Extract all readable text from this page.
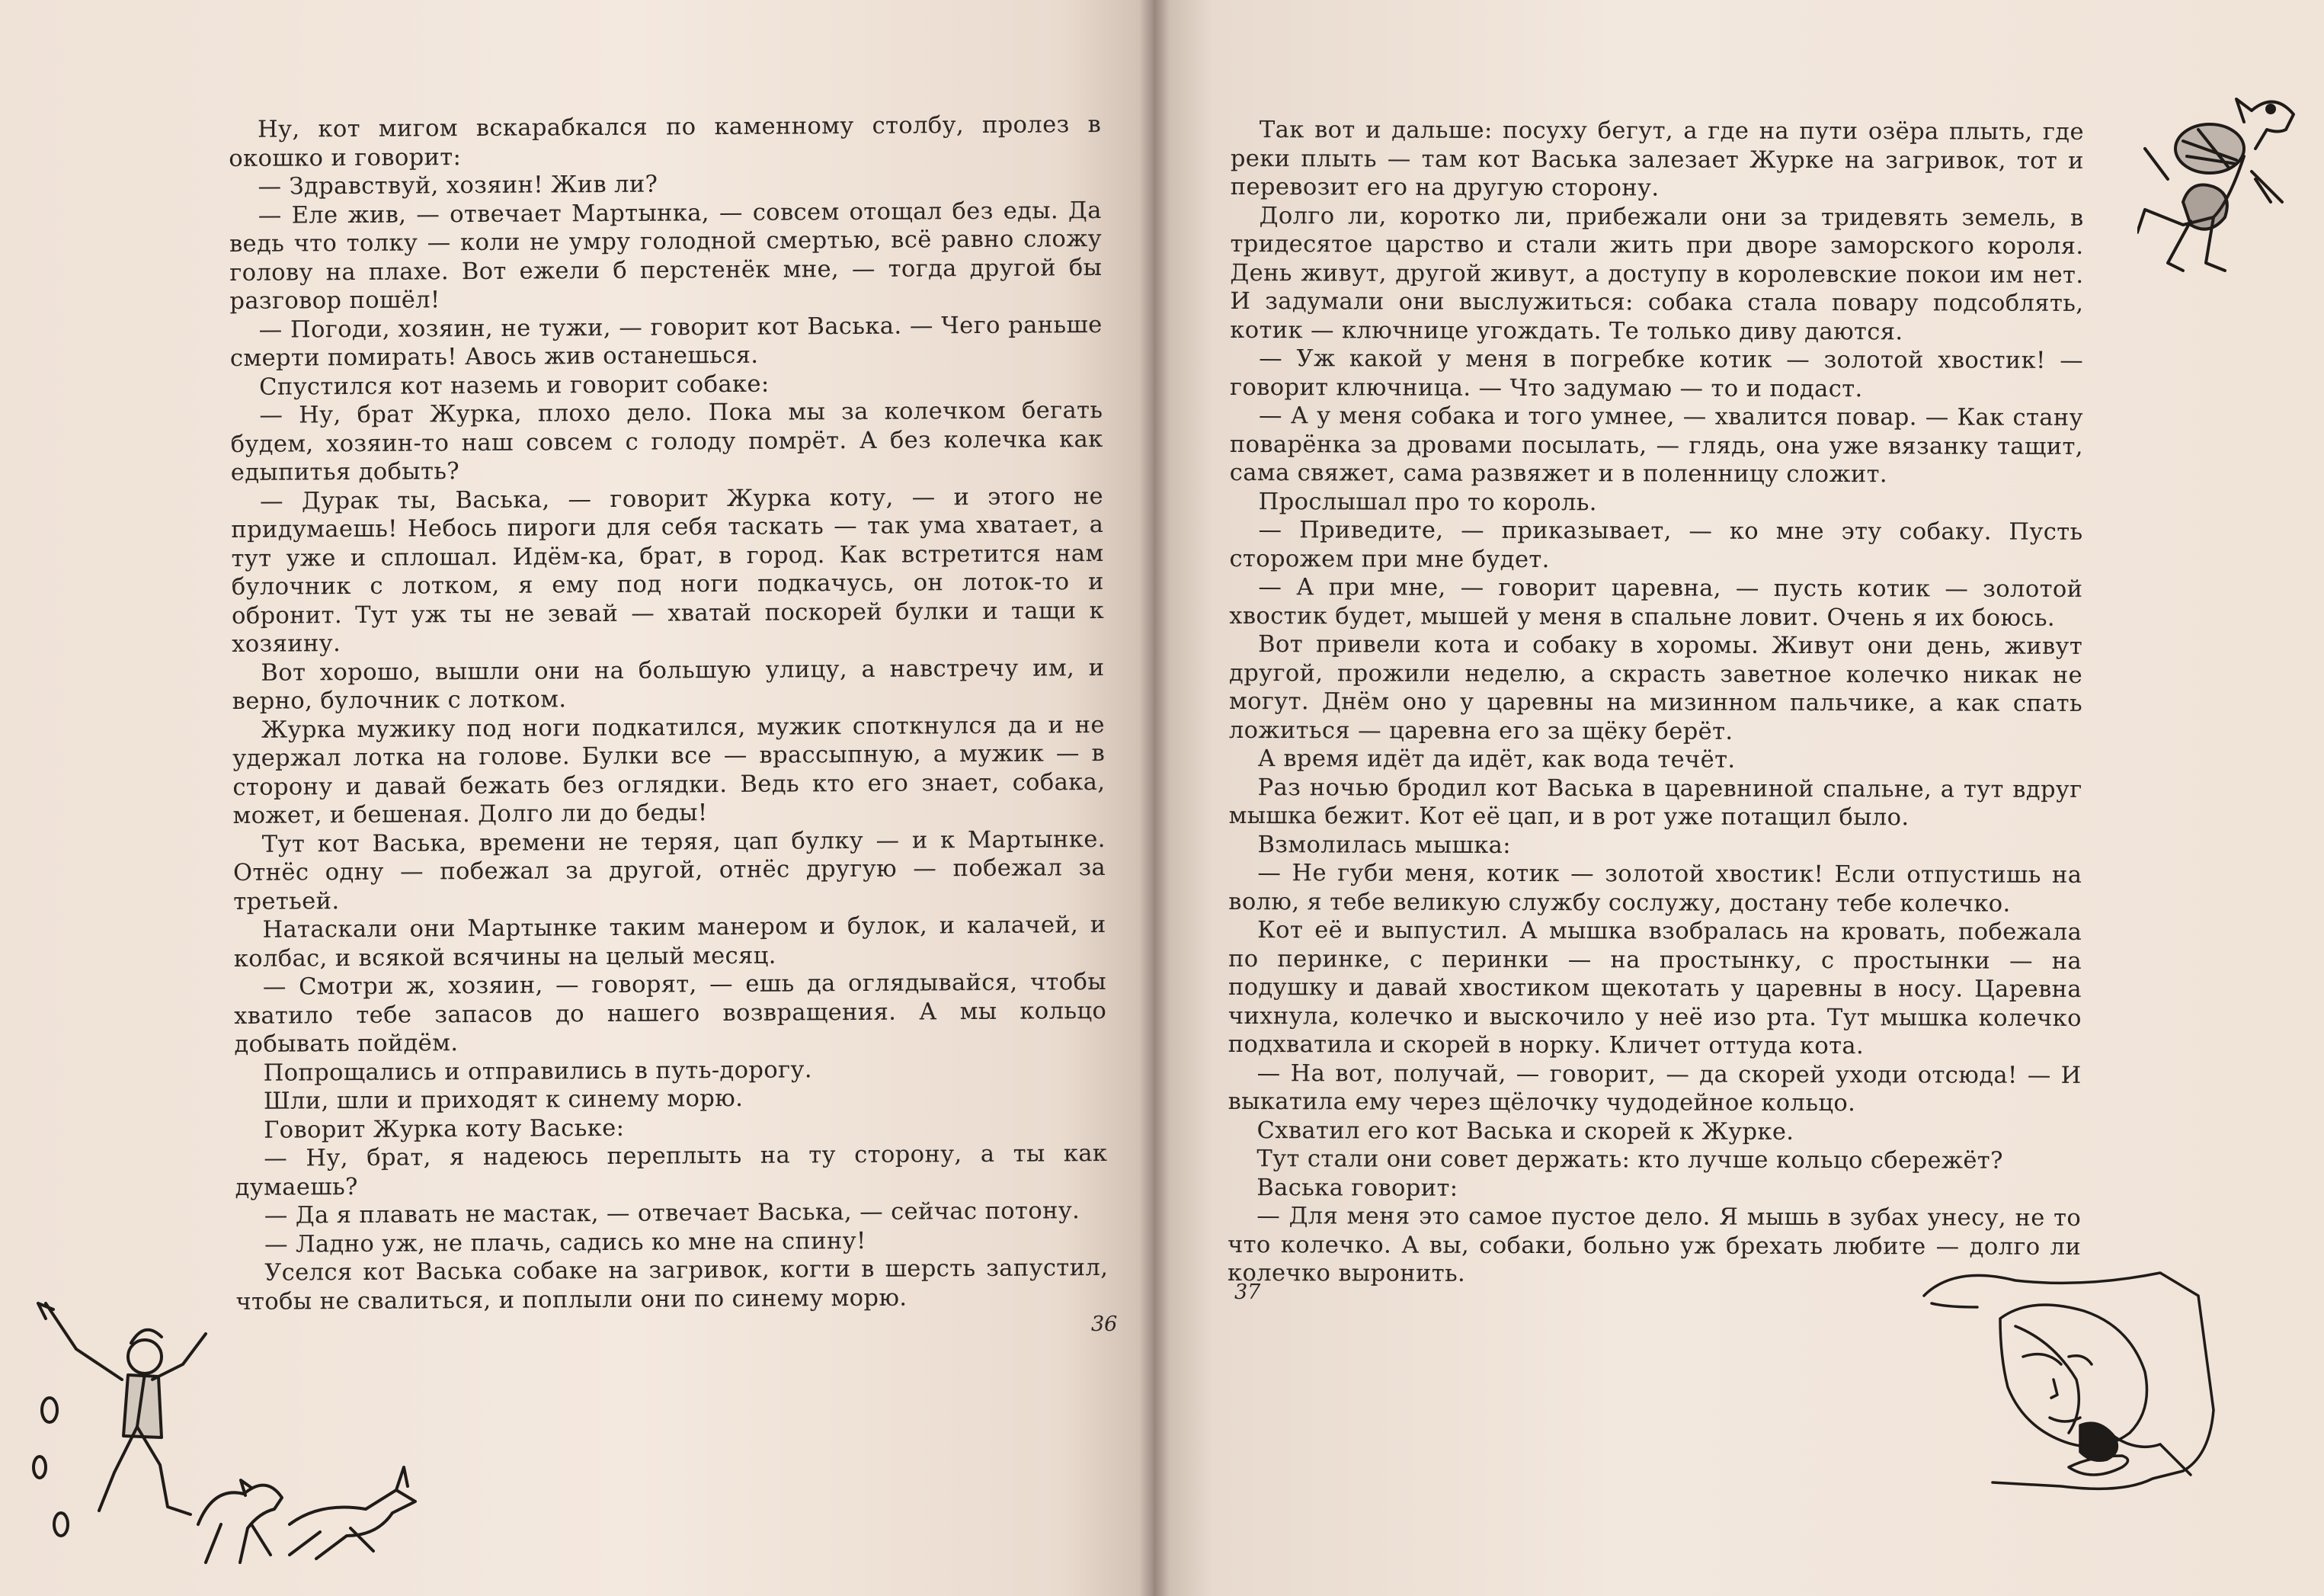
Ну, кот мигом вскарабкался по каменному столбу, пролез в окошко и говорит:

— Здравствуй, хозяин! Жив ли?

— Еле жив, — отвечает Мартынка, — совсем отощал без еды. Да ведь что толку — коли не умру голодной смертью, всё равно сложу голову на плахе. Вот ежели б перстенёк мне, — тогда другой бы разговор пошёл!

— Погоди, хозяин, не тужи, — говорит кот Васька. — Чего раньше смерти помирать! Авось жив останешься.

Спустился кот наземь и говорит собаке:

— Ну, брат Журка, плохо дело. Пока мы за колечком бегать будем, хозяин-то наш совсем с голоду помрёт. А без колечка как едыпитья добыть?

— Дурак ты, Васька, — говорит Журка коту, — и этого не придумаешь! Небось пироги для себя таскать — так ума хватает, а тут уже и сплошал. Идём-ка, брат, в город. Как встретится нам булочник с лотком, я ему под ноги подкачусь, он лоток-то и обронит. Тут уж ты не зевай — хватай поскорей булки и тащи к хозяину.

Вот хорошо, вышли они на большую улицу, а навстречу им, и верно, булочник с лотком.

Журка мужику под ноги подкатился, мужик споткнулся да и не удержал лотка на голове. Булки все — врассыпную, а мужик — в сторону и давай бежать без оглядки. Ведь кто его знает, собака, может, и бешеная. Долго ли до беды!

Тут кот Васька, времени не теряя, цап булку — и к Мартынке. Отнёс одну — побежал за другой, отнёс другую — побежал за третьей.

Натаскали они Мартынке таким манером и булок, и калачей, и колбас, и всякой всячины на целый месяц.

— Смотри ж, хозяин, — говорят, — ешь да оглядывайся, чтобы хватило тебе запасов до нашего возвращения. А мы кольцо добывать пойдём.

Попрощались и отправились в путь-дорогу.

Шли, шли и приходят к синему морю.

Говорит Журка коту Ваське:

— Ну, брат, я надеюсь переплыть на ту сторону, а ты как думаешь?

— Да я плавать не мастак, — отвечает Васька, — сейчас потону.

— Ладно уж, не плачь, садись ко мне на спину!

Уселся кот Васька собаке на загривок, когти в шерсть запустил, чтобы не свалиться, и поплыли они по синему морю.

36

Так вот и дальше: посуху бегут, а где на пути озёра плыть, где реки плыть — там кот Васька залезает Журке на загривок, тот и перевозит его на другую сторону.

Долго ли, коротко ли, прибежали они за тридевять земель, в тридесятое царство и стали жить при дворе заморского короля. День живут, другой живут, а доступу в королевские покои им нет. И задумали они выслужиться: собака стала повару подсоблять, котик — ключнице угождать. Те только диву даются.

— Уж какой у меня в погребке котик — золотой хвостик! — говорит ключница. — Что задумаю — то и подаст.

— А у меня собака и того умнее, — хвалится повар. — Как стану поварёнка за дровами посылать, — глядь, она уже вязанку тащит, сама свяжет, сама развяжет и в поленницу сложит.

Прослышал про то король.

— Приведите, — приказывает, — ко мне эту собаку. Пусть сторожем при мне будет.

— А при мне, — говорит царевна, — пусть котик — золотой хвостик будет, мышей у меня в спальне ловит. Очень я их боюсь.

Вот привели кота и собаку в хоромы. Живут они день, живут другой, прожили неделю, а скрасть заветное колечко никак не могут. Днём оно у царевны на мизинном пальчике, а как спать ложиться — царевна его за щёку берёт.

А время идёт да идёт, как вода течёт.

Раз ночью бродил кот Васька в царевниной спальне, а тут вдруг мышка бежит. Кот её цап, и в рот уже потащил было.

Взмолилась мышка:

— Не губи меня, котик — золотой хвостик! Если отпустишь на волю, я тебе великую службу сослужу, достану тебе колечко.

Кот её и выпустил. А мышка взобралась на кровать, побежала по перинке, с перинки — на простынку, с простынки — на подушку и давай хвостиком щекотать у царевны в носу. Царевна чихнула, колечко и выскочило у неё изо рта. Тут мышка колечко подхватила и скорей в норку. Кличет оттуда кота.

— На вот, получай, — говорит, — да скорей уходи отсюда! — И выкатила ему через щёлочку чудодейное кольцо.

Схватил его кот Васька и скорей к Журке.

Тут стали они совет держать: кто лучше кольцо сбережёт?

Васька говорит:

— Для меня это самое пустое дело. Я мышь в зубах унесу, не то что колечко. А вы, собаки, больно уж брехать любите — долго ли колечко выронить.

37
